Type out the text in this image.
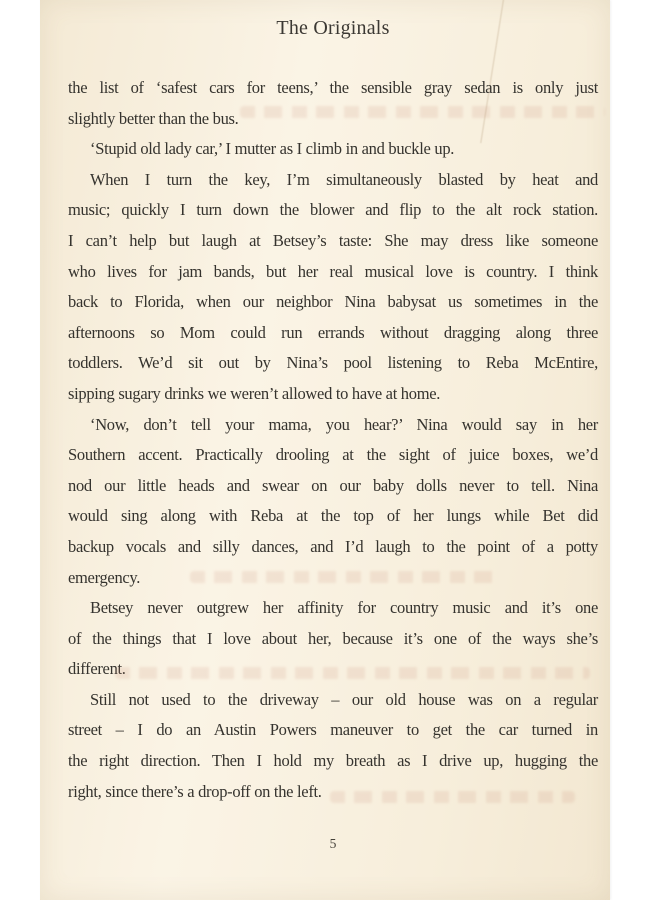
The Originals
the list of ‘safest cars for teens,’ the sensible gray sedan is only just
slightly better than the bus.
‘Stupid old lady car,’ I mutter as I climb in and buckle up.
When I turn the key, I’m simultaneously blasted by heat and
music; quickly I turn down the blower and flip to the alt rock station.
I can’t help but laugh at Betsey’s taste: She may dress like someone
who lives for jam bands, but her real musical love is country. I think
back to Florida, when our neighbor Nina babysat us sometimes in the
afternoons so Mom could run errands without dragging along three
toddlers. We’d sit out by Nina’s pool listening to Reba McEntire,
sipping sugary drinks we weren’t allowed to have at home.
‘Now, don’t tell your mama, you hear?’ Nina would say in her
Southern accent. Practically drooling at the sight of juice boxes, we’d
nod our little heads and swear on our baby dolls never to tell. Nina
would sing along with Reba at the top of her lungs while Bet did
backup vocals and silly dances, and I’d laugh to the point of a potty
emergency.
Betsey never outgrew her affinity for country music and it’s one
of the things that I love about her, because it’s one of the ways she’s
different.
Still not used to the driveway – our old house was on a regular
street – I do an Austin Powers maneuver to get the car turned in
the right direction. Then I hold my breath as I drive up, hugging the
right, since there’s a drop-off on the left.
5
